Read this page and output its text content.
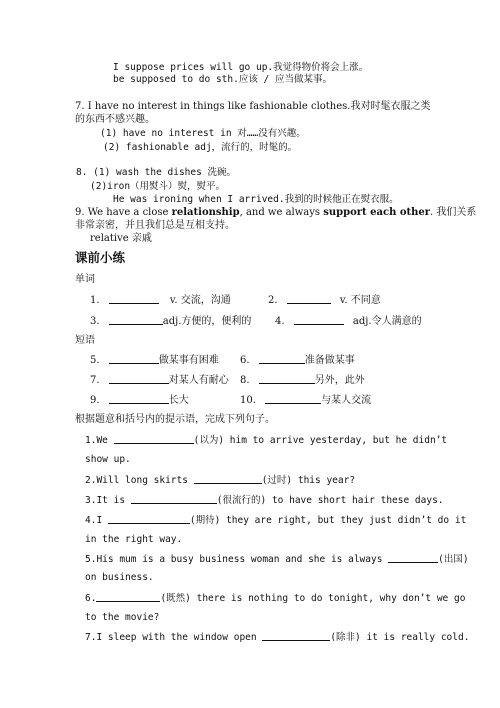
I suppose prices will go up.我觉得物价将会上涨。
be supposed to do sth.应该 / 应当做某事。
7. I have no interest in things like fashionable clothes.我对时髦衣服之类
的东西不感兴趣。
(1) have no interest in 对……没有兴趣。
(2) fashionable adj，流行的，时髦的。
8. (1) wash the dishes 洗碗。
(2)iron（用熨斗）熨，熨平。
He was ironing when I arrived.我到的时候他正在熨衣服。
9. We have a close relationship, and we always support each other. 我们关系
非常亲密，并且我们总是互相支持。
relative 亲戚
课前小练
单词
1.	v. 交流，沟通	2.	v. 不同意
3.	adj.方便的，便利的 4.	adj.令人满意的
短语
5.	做某事有困难 6.	准备做某事
7.	对某人有耐心 8.	另外，此外
9.	长大	10.	与某人交流
根据题意和括号内的提示语，完成下列句子。
1.We	(以为) him to arrive yesterday, but he didn’t
show up.
2.Will long skirts	(过时) this year?
3.It is	(很流行的) to have short hair these days.
4.I	(期待) they are right, but they just didn’t do it
in the right way.
5.His mum is a busy business woman and she is always	(出国)
on business.
6.	(既然) there is nothing to do tonight, why don’t we go
to the movie?
7.I sleep with the window open	(除非) it is really cold.
